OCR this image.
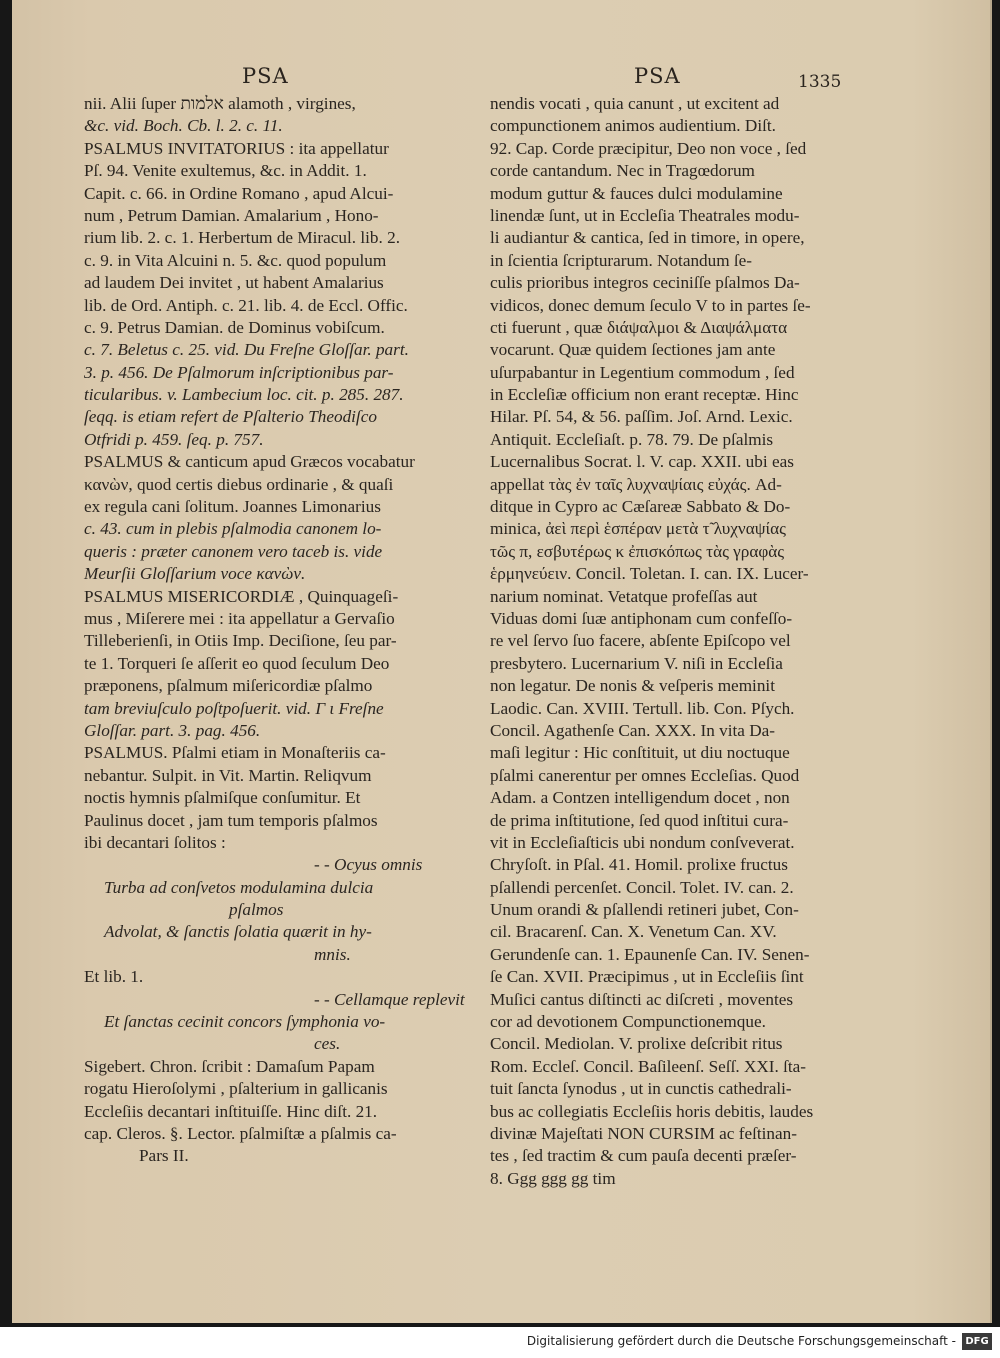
PSA	PSA	1335
nii. Alii ſuper אלמות alamoth , virgines,
&c. vid. Boch. Cb. l. 2. c. 11.
PSALMUS INVITATORIUS : ita appellatur
Pſ. 94. Venite exultemus, &c. in Addit. 1.
Capit. c. 66. in Ordine Romano , apud Alcui-
num , Petrum Damian. Amalarium , Hono-
rium lib. 2. c. 1. Herbertum de Miracul. lib. 2.
c. 9. in Vita Alcuini n. 5. &c. quod populum
ad laudem Dei invitet , ut habent Amalarius
lib. de Ord. Antiph. c. 21. lib. 4. de Eccl. Offic.
c. 9. Petrus Damian. de Dominus vobiſcum.
c. 7. Beletus c. 25. vid. Du Freſne Gloſſar. part.
3. p. 456. De Pſalmorum inſcriptionibus par-
ticularibus. v. Lambecium loc. cit. p. 285. 287.
ſeqq. is etiam refert de Pſalterio Theodiſco
Otfridi p. 459. ſeq. p. 757.
PSALMUS & canticum apud Græcos vocabatur
κανὼν, quod certis diebus ordinarie , & quaſi
ex regula cani ſolitum. Joannes Limonarius
c. 43. cum in plebis pſalmodia canonem lo-
queris : præter canonem vero taceb is. vide
Meurſii Gloſſarium voce κανὼν.
PSALMUS MISERICORDIÆ , Quinquageſi-
mus , Miſerere mei : ita appellatur a Gervaſio
Tilleberienſi, in Otiis Imp. Deciſione, ſeu par-
te 1. Torqueri ſe aſſerit eo quod ſeculum Deo
præponens, pſalmum miſericordiæ pſalmo
tam breviuſculo poſtpoſuerit. vid. Γ ι Freſne
Gloſſar. part. 3. pag. 456.
PSALMUS. Pſalmi etiam in Monaſteriis ca-
nebantur. Sulpit. in Vit. Martin. Reliqvum
noctis hymnis pſalmiſque conſumitur. Et
Paulinus docet , jam tum temporis pſalmos
ibi decantari ſolitos :
- - Ocyus omnis
Turba ad conſvetos modulamina dulcia
pſalmos
Advolat, & ſanctis ſolatia quærit in hy-
mnis.
Et lib. 1.
- - Cellamque replevit
Et ſanctas cecinit concors ſymphonia vo-
ces.
Sigebert. Chron. ſcribit : Damaſum Papam
rogatu Hieroſolymi , pſalterium in gallicanis
Eccleſiis decantari inſtituiſſe. Hinc diſt. 21.
cap. Cleros. §. Lector. pſalmiſtæ a pſalmis ca-
Pars II.
nendis vocati , quia canunt , ut excitent ad
compunctionem animos audientium. Diſt.
92. Cap. Corde præcipitur, Deo non voce , ſed
corde cantandum. Nec in Tragœdorum
modum guttur & fauces dulci modulamine
linendæ ſunt, ut in Eccleſia Theatrales modu-
li audiantur & cantica, ſed in timore, in opere,
in ſcientia ſcripturarum. Notandum ſe-
culis prioribus integros ceciniſſe pſalmos Da-
vidicos, donec demum ſeculo V to in partes ſe-
cti fuerunt , quæ διάψαλμοι & Διαψάλματα
vocarunt. Quæ quidem ſectiones jam ante
uſurpabantur in Legentium commodum , ſed
in Eccleſiæ officium non erant receptæ. Hinc
Hilar. Pſ. 54, & 56. paſſim. Joſ. Arnd. Lexic.
Antiquit. Eccleſiaſt. p. 78. 79. De pſalmis
Lucernalibus Socrat. l. V. cap. XXII. ubi eas
appellat τὰς ἐν ταῖς λυχναψίαις εὐχάς. Ad-
ditque in Cypro ac Cæſareæ Sabbato & Do-
minica, ἀεὶ περὶ ἑσπέραν μετὰ τ̃ λυχναψίας
τῶς π, εσβυτέρως κ ἐπισκόπως τὰς γραφὰς
ἑρμηνεύειν. Concil. Toletan. I. can. IX. Lucer-
narium nominat. Vetatque profeſſas aut
Viduas domi ſuæ antiphonam cum confeſſo-
re vel ſervo ſuo facere, abſente Epiſcopo vel
presbytero. Lucernarium V. niſi in Eccleſia
non legatur. De nonis & veſperis meminit
Laodic. Can. XVIII. Tertull. lib. Con. Pſych.
Concil. Agathenſe Can. XXX. In vita Da-
maſi legitur : Hic conſtituit, ut diu noctuque
pſalmi canerentur per omnes Eccleſias. Quod
Adam. a Contzen intelligendum docet , non
de prima inſtitutione, ſed quod inſtitui cura-
vit in Eccleſiaſticis ubi nondum conſveverat.
Chryſoſt. in Pſal. 41. Homil. prolixe fructus
pſallendi percenſet. Concil. Tolet. IV. can. 2.
Unum orandi & pſallendi retineri jubet, Con-
cil. Bracarenſ. Can. X. Venetum Can. XV.
Gerundenſe can. 1. Epaunenſe Can. IV. Senen-
ſe Can. XVII. Præcipimus , ut in Eccleſiis ſint
Muſici cantus diſtincti ac diſcreti , moventes
cor ad devotionem Compunctionemque.
Concil. Mediolan. V. prolixe deſcribit ritus
Rom. Eccleſ. Concil. Baſileenſ. Seſſ. XXI. ſta-
tuit ſancta ſynodus , ut in cunctis cathedrali-
bus ac collegiatis Eccleſiis horis debitis, laudes
divinæ Majeſtati NON CURSIM ac feſtinan-
tes , ſed tractim & cum pauſa decenti præſer-
8. Ggg ggg gg tim
Digitalisierung gefördert durch die Deutsche Forschungsgemeinschaft - DFG
